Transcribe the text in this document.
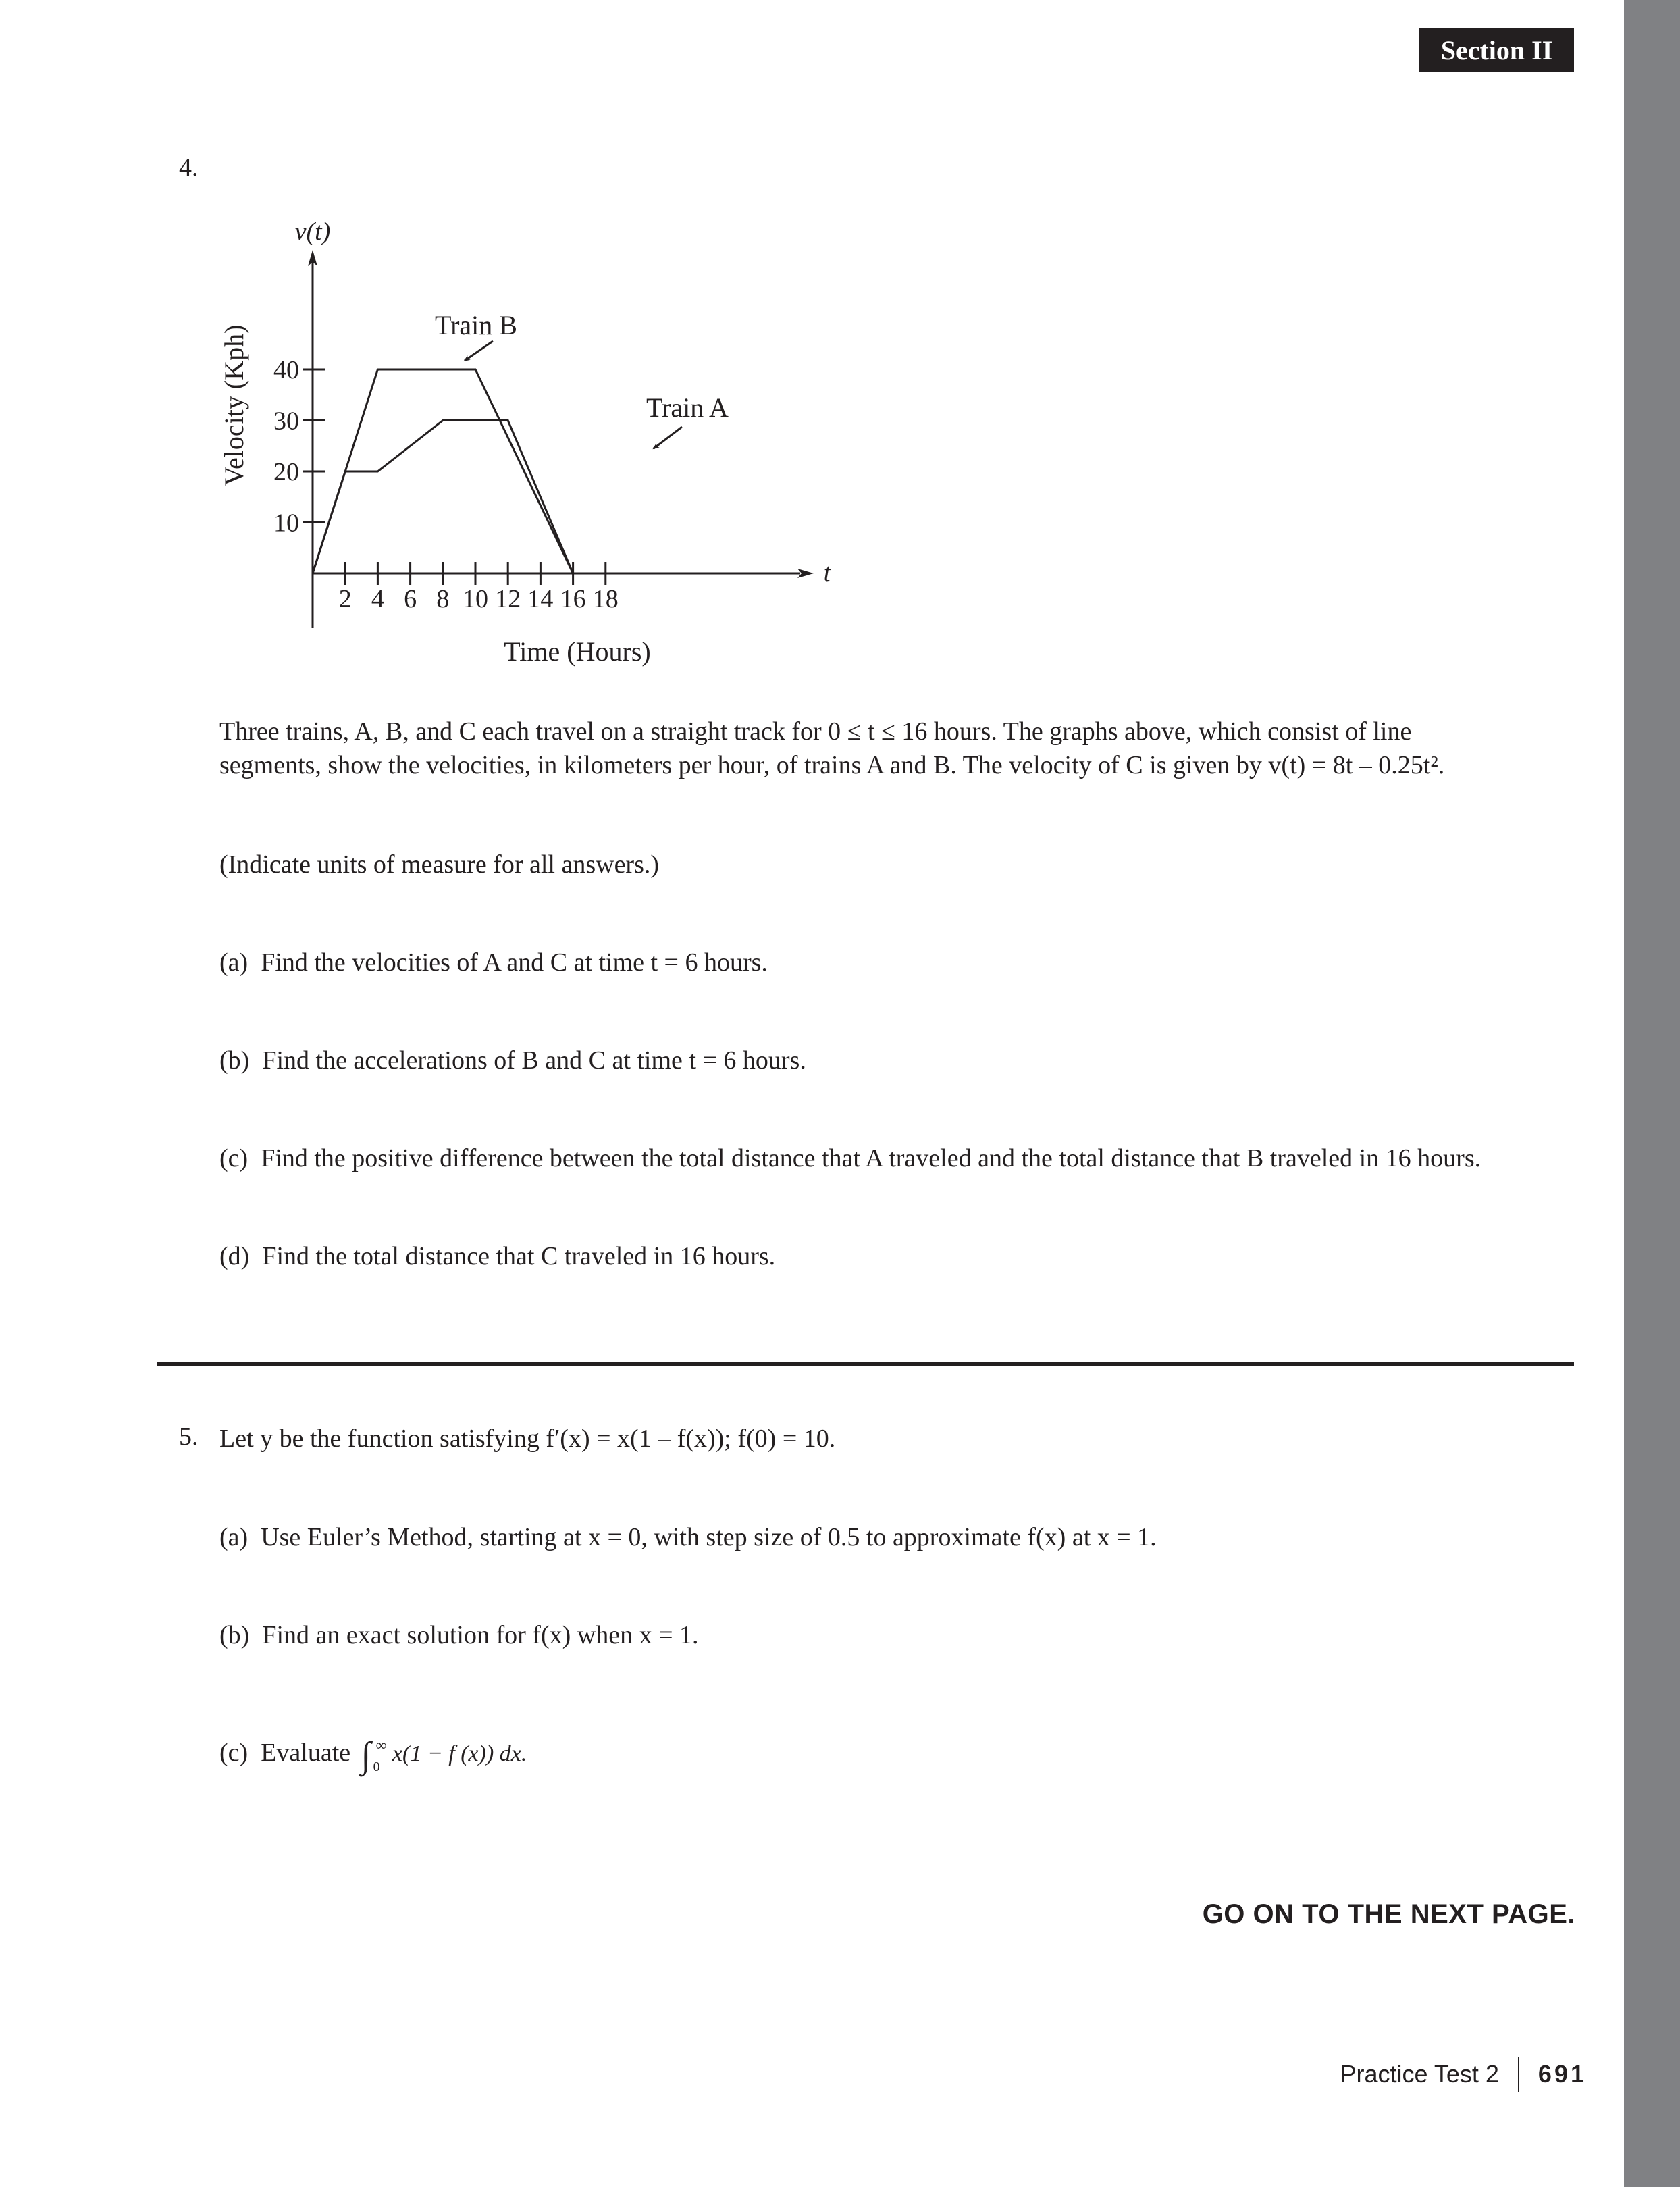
Section II
4.
10
20
30
40
2 4 6 8 10 12 14 16 18
v(t)
t
Time (Hours)
Velocity (Kph)	Train B
Train A
Three trains, A, B, and C each travel on a straight track for 0 ≤ t ≤ 16 hours. The graphs above, which consist of line
segments, show the velocities, in kilometers per hour, of trains A and B. The velocity of C is given by v(t) = 8t – 0.25t².
(Indicate units of measure for all answers.)
(a) Find the velocities of A and C at time t = 6 hours.
(b) Find the accelerations of B and C at time t = 6 hours.
(c) Find the positive difference between the total distance that A traveled and the total distance that B traveled in 16 hours.
(d) Find the total distance that C traveled in 16 hours.
5. Let y be the function satisfying f′(x) = x(1 – f(x)); f(0) = 10.
(a) Use Euler’s Method, starting at x = 0, with step size of 0.5 to approximate f(x) at x = 1.
(b) Find an exact solution for f(x) when x = 1.
(c) Evaluate ∫ ∞
0
x(1 − f (x)) dx.
GO ON TO THE NEXT PAGE.
Practice Test 2 691
